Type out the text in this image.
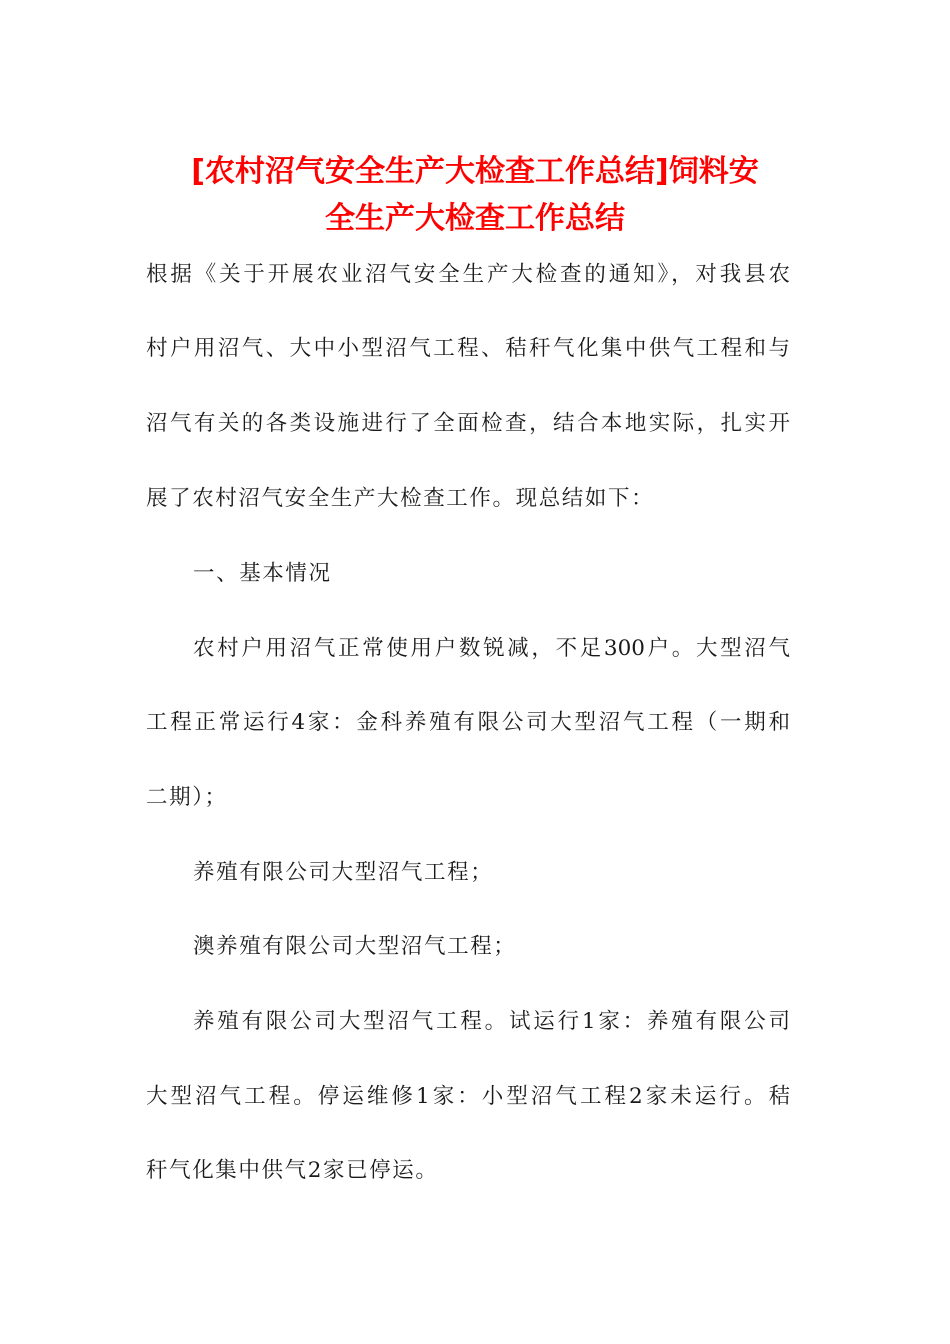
[农村沼气安全生产大检查工作总结]饲料安
全生产大检查工作总结
根据《关于开展农业沼气安全生产大检查的通知》，对我县农
村户用沼气、大中小型沼气工程、秸秆气化集中供气工程和与
沼气有关的各类设施进行了全面检查，结合本地实际，扎实开
展了农村沼气安全生产大检查工作。现总结如下：
一、基本情况
农村户用沼气正常使用户数锐减，不足300户。大型沼气
工程正常运行4家：金科养殖有限公司大型沼气工程（一期和
二期）；
养殖有限公司大型沼气工程；
澳养殖有限公司大型沼气工程；
养殖有限公司大型沼气工程。试运行1家：养殖有限公司
大型沼气工程。停运维修1家：小型沼气工程2家未运行。秸
秆气化集中供气2家已停运。
